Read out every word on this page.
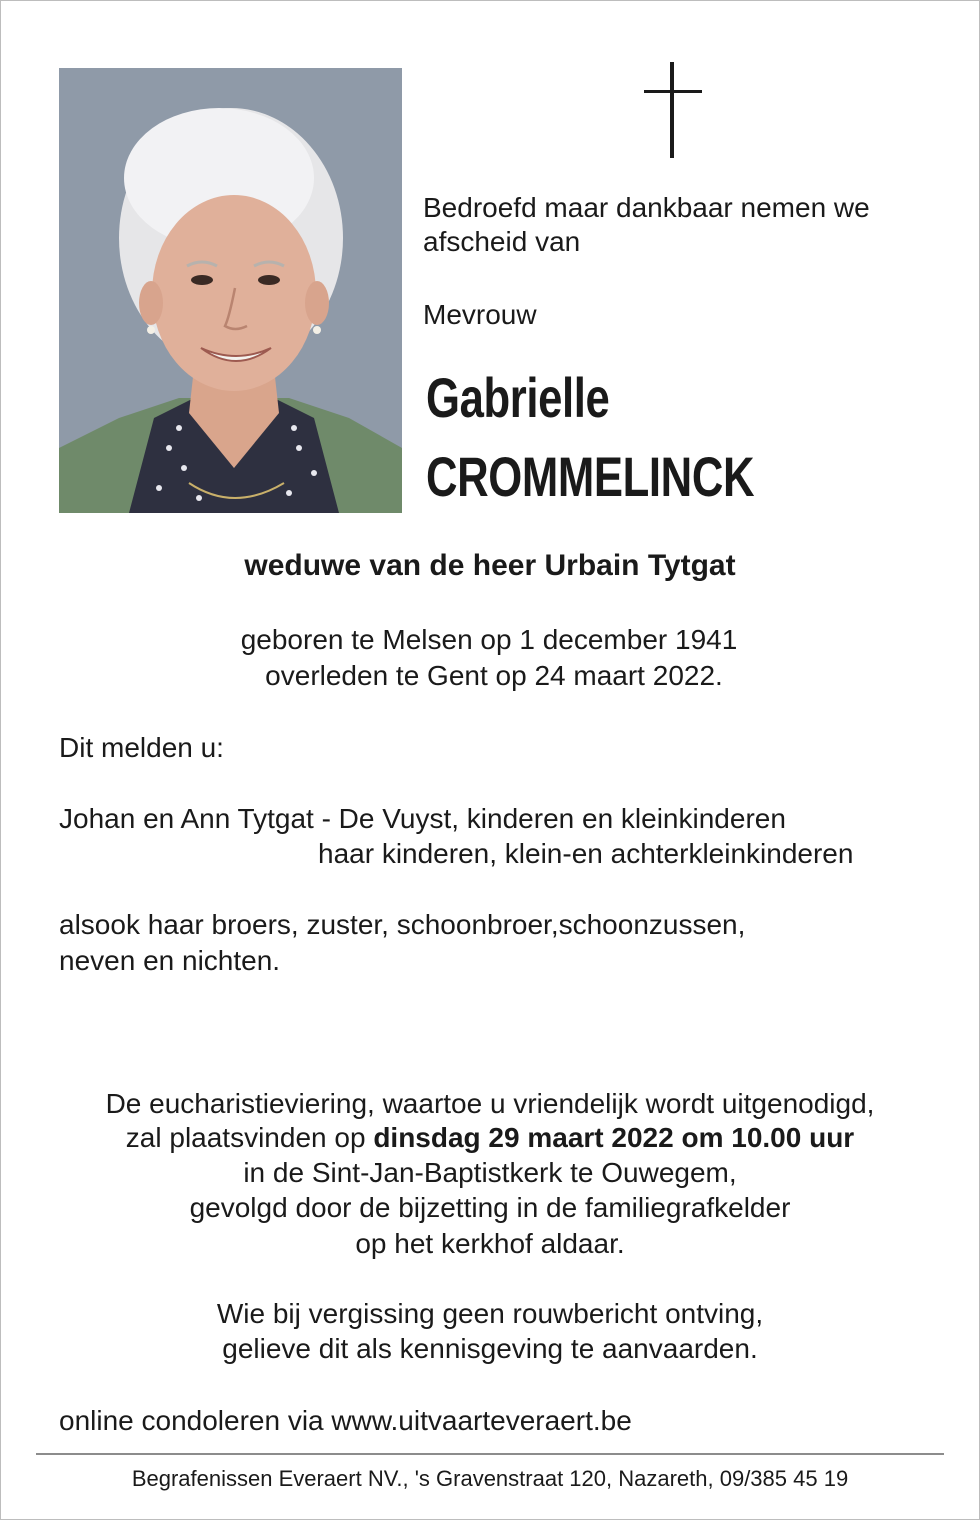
Bedroefd maar dankbaar nemen we
afscheid van
Mevrouw
Gabrielle
CROMMELINCK
weduwe van de heer Urbain Tytgat
geboren te Melsen op 1 december 1941
overleden te Gent op 24 maart 2022.
Dit melden u:
Johan en Ann Tytgat - De Vuyst, kinderen en kleinkinderen
haar kinderen, klein-en achterkleinkinderen
alsook haar broers, zuster, schoonbroer,schoonzussen,
neven en nichten.
De eucharistieviering, waartoe u vriendelijk wordt uitgenodigd,
zal plaatsvinden op dinsdag 29 maart 2022 om 10.00 uur
in de Sint-Jan-Baptistkerk te Ouwegem,
gevolgd door de bijzetting in de familiegrafkelder
op het kerkhof aldaar.
Wie bij vergissing geen rouwbericht ontving,
gelieve dit als kennisgeving te aanvaarden.
online condoleren via www.uitvaarteveraert.be
Begrafenissen Everaert NV., 's Gravenstraat 120, Nazareth, 09/385 45 19
